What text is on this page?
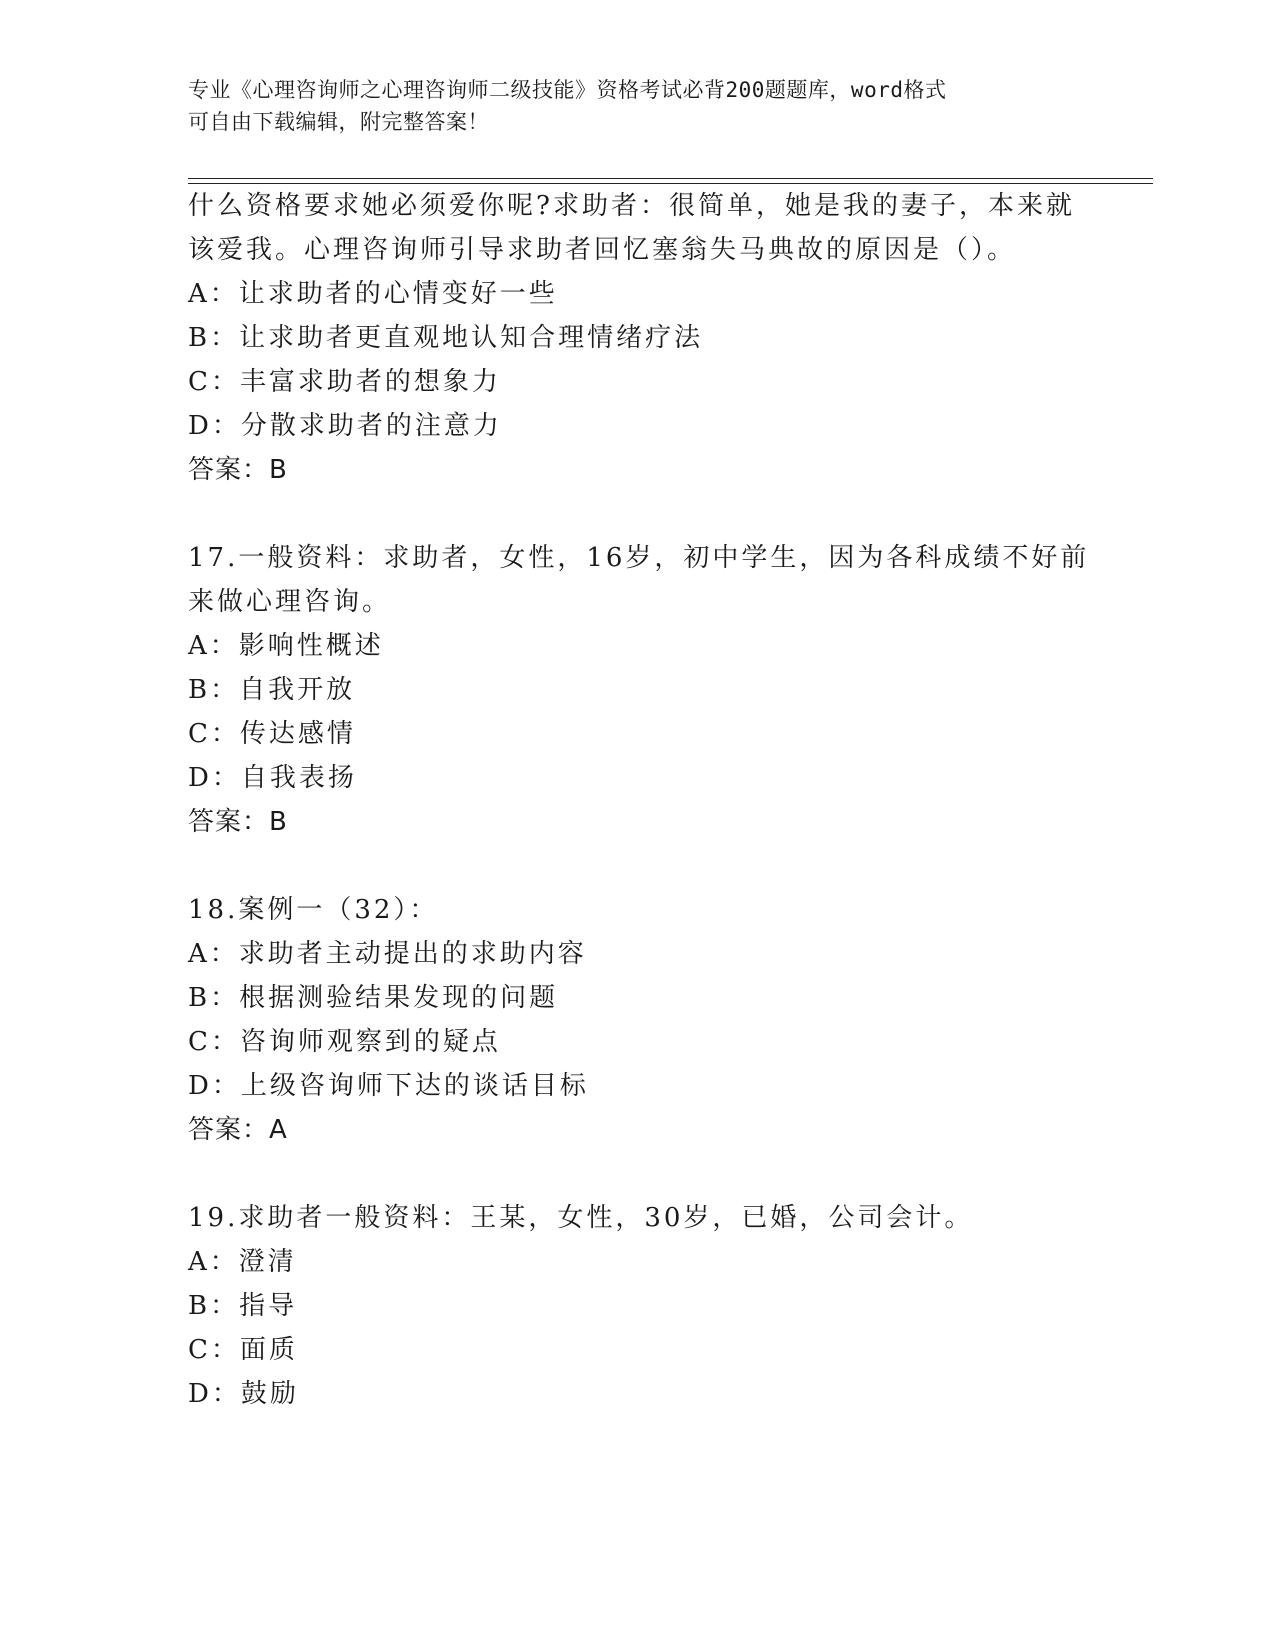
专业《心理咨询师之心理咨询师二级技能》资格考试必背200题题库，word格式
可自由下载编辑，附完整答案！
什么资格要求她必须爱你呢?求助者：很简单，她是我的妻子，本来就
该爱我。心理咨询师引导求助者回忆塞翁失马典故的原因是（）。
A：让求助者的心情变好一些
B：让求助者更直观地认知合理情绪疗法
C：丰富求助者的想象力
D：分散求助者的注意力
答案：B
17.一般资料：求助者，女性，16岁，初中学生，因为各科成绩不好前
来做心理咨询。
A：影响性概述
B：自我开放
C：传达感情
D：自我表扬
答案：B
18.案例一（32）：
A：求助者主动提出的求助内容
B：根据测验结果发现的问题
C：咨询师观察到的疑点
D：上级咨询师下达的谈话目标
答案：A
19.求助者一般资料：王某，女性，30岁，已婚，公司会计。
A：澄清
B：指导
C：面质
D：鼓励
